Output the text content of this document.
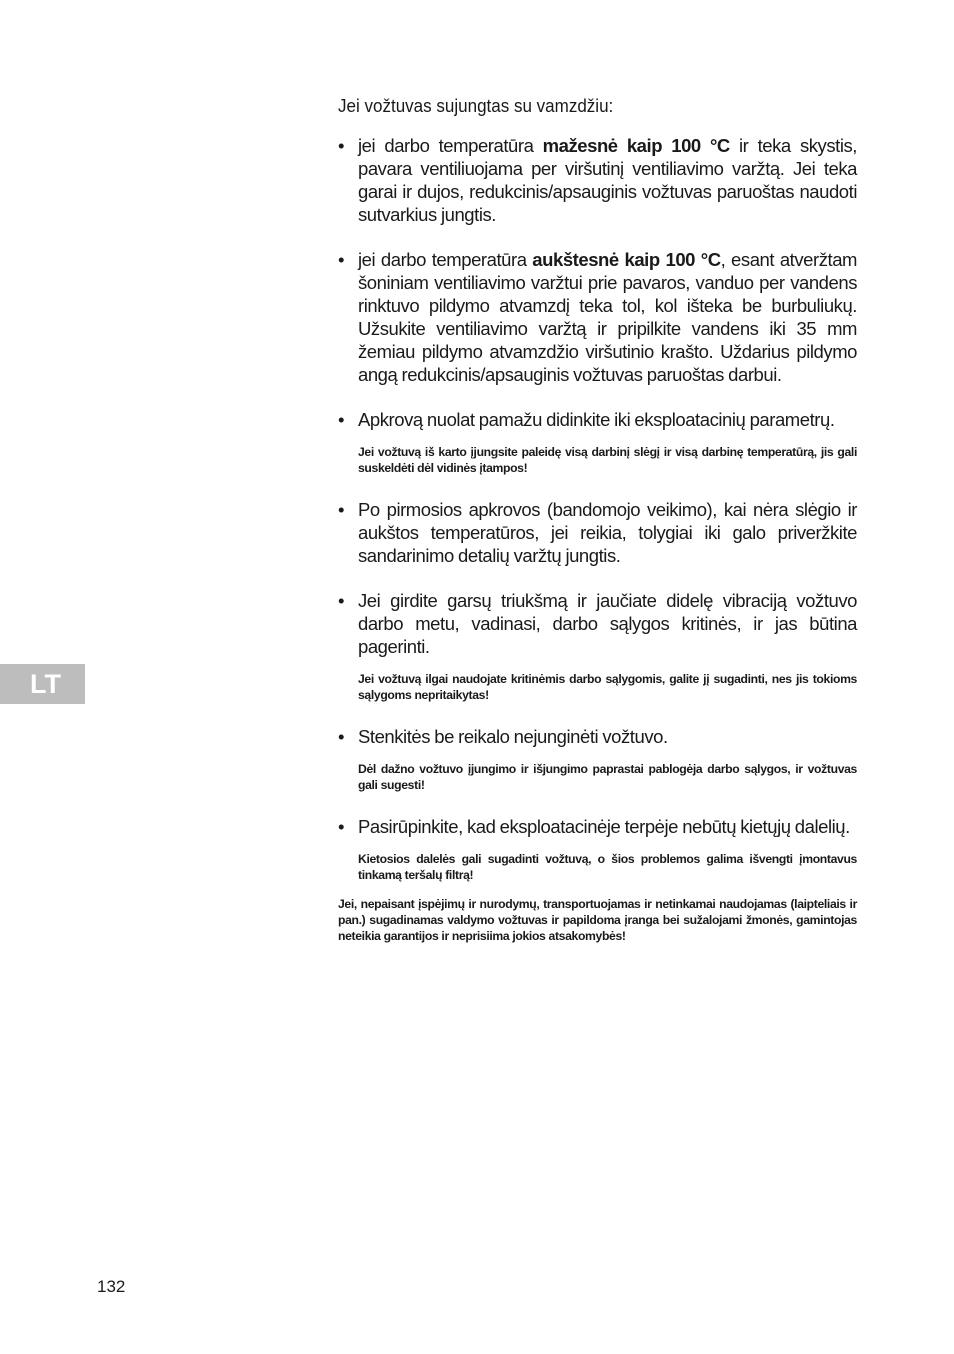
Jei vožtuvas sujungtas su vamzdžiu:

• jei darbo temperatūra mažesnė kaip 100 °C ir teka skystis, pavara ventiliuojama per viršutinį ventiliavimo varžtą. Jei teka garai ir dujos, redukcinis/apsauginis vožtuvas paruoštas naudoti sutvarkius jungtis.

• jei darbo temperatūra aukštesnė kaip 100 °C, esant atveržtam šoniniam ventiliavimo varžtui prie pavaros, vanduo per vandens rinktuvo pildymo atvamzdį teka tol, kol išteka be burbuliukų. Užsukite ventiliavimo varžtą ir pripilkite vandens iki 35 mm žemiau pildymo atvamzdžio viršutinio krašto. Uždarius pildymo angą redukcinis/apsauginis vožtuvas paruoštas darbui.

• Apkrovą nuolat pamažu didinkite iki eksploatacinių parametrų.

Jei vožtuvą iš karto įjungsite paleidę visą darbinį slėgį ir visą darbinę temperatūrą, jis gali suskeldėti dėl vidinės įtampos!

• Po pirmosios apkrovos (bandomojo veikimo), kai nėra slėgio ir aukštos temperatūros, jei reikia, tolygiai iki galo priveržkite sandarinimo detalių varžtų jungtis.

• Jei girdite garsų triukšmą ir jaučiate didelę vibraciją vožtuvo darbo metu, vadinasi, darbo sąlygos kritinės, ir jas būtina pagerinti.

Jei vožtuvą ilgai naudojate kritinėmis darbo sąlygomis, galite jį sugadinti, nes jis tokioms sąlygoms nepritaikytas!

• Stenkitės be reikalo nejunginėti vožtuvo.

Dėl dažno vožtuvo įjungimo ir išjungimo paprastai pablogėja darbo sąlygos, ir vožtuvas gali sugesti!

• Pasirūpinkite, kad eksploatacinėje terpėje nebūtų kietųjų dalelių.

Kietosios dalelės gali sugadinti vožtuvą, o šios problemos galima išvengti įmontavus tinkamą teršalų filtrą!

Jei, nepaisant įspėjimų ir nurodymų, transportuojamas ir netinkamai naudojamas (laipteliais ir pan.) sugadinamas valdymo vožtuvas ir papildoma įranga bei sužalojami žmonės, gamintojas neteikia garantijos ir neprisiima jokios atsakomybės!

LT
132
